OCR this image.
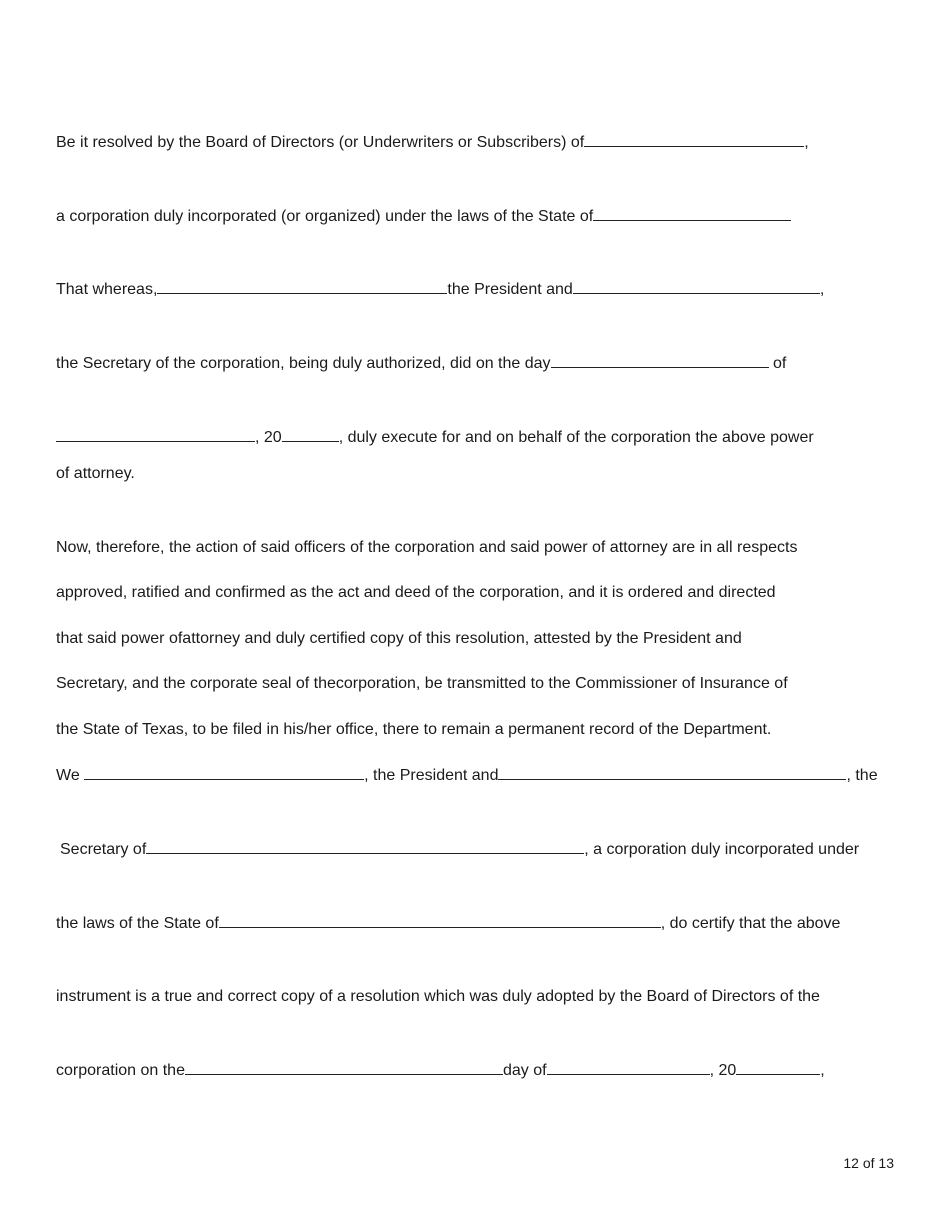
Be it resolved by the Board of Directors (or Underwriters or Subscribers) of	,
a corporation duly incorporated (or organized) under the laws of the State of
That whereas,	the President and	,
the Secretary of the corporation, being duly authorized, did on the day	of
, 20	, duly execute for and on behalf of the corporation the above power
of attorney.
Now, therefore, the action of said officers of the corporation and said power of attorney are in all respects
approved, ratified and confirmed as the act and deed of the corporation, and it is ordered and directed
that said power ofattorney and duly certified copy of this resolution, attested by the President and
Secretary, and the corporate seal of thecorporation, be transmitted to the Commissioner of Insurance of
the State of Texas, to be filed in his/her office, there to remain a permanent record of the Department.
We	, the President and	, the
Secretary of	, a corporation duly incorporated under
the laws of the State of	, do certify that the above
instrument is a true and correct copy of a resolution which was duly adopted by the Board of Directors of the
corporation on the	day of	, 20	,
12 of 13
